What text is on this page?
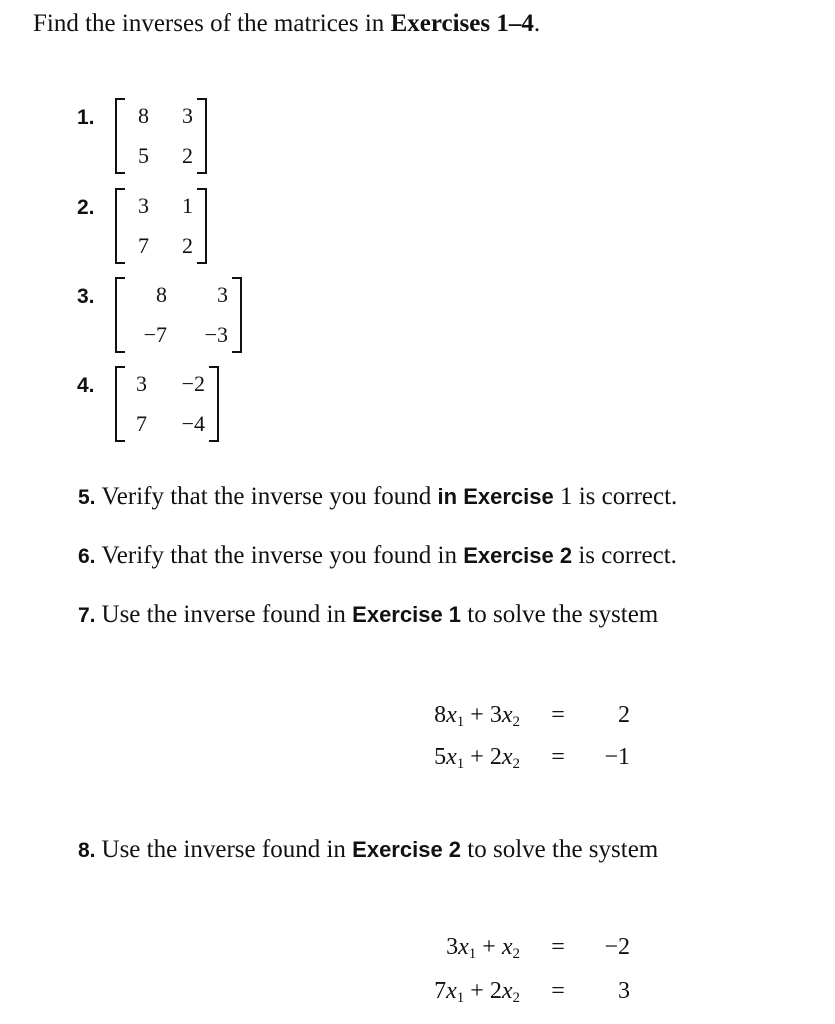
Find the inverses of the matrices in Exercises 1–4.
1.	8	3
5	2
2.	3	1
7	2
3.	8	3
−7	−3
4.	3	−2
7	−4
5. Verify that the inverse you found in Exercise 1 is correct.
6. Verify that the inverse you found in Exercise 2 is correct.
7. Use the inverse found in Exercise 1 to solve the system
$8x_1 + 3x_2$	=	2
$5x_1 + 2x_2$	=	−1
8. Use the inverse found in Exercise 2 to solve the system
$3x_1 + x_2$	=	−2
$7x_1 + 2x_2$	=	3
